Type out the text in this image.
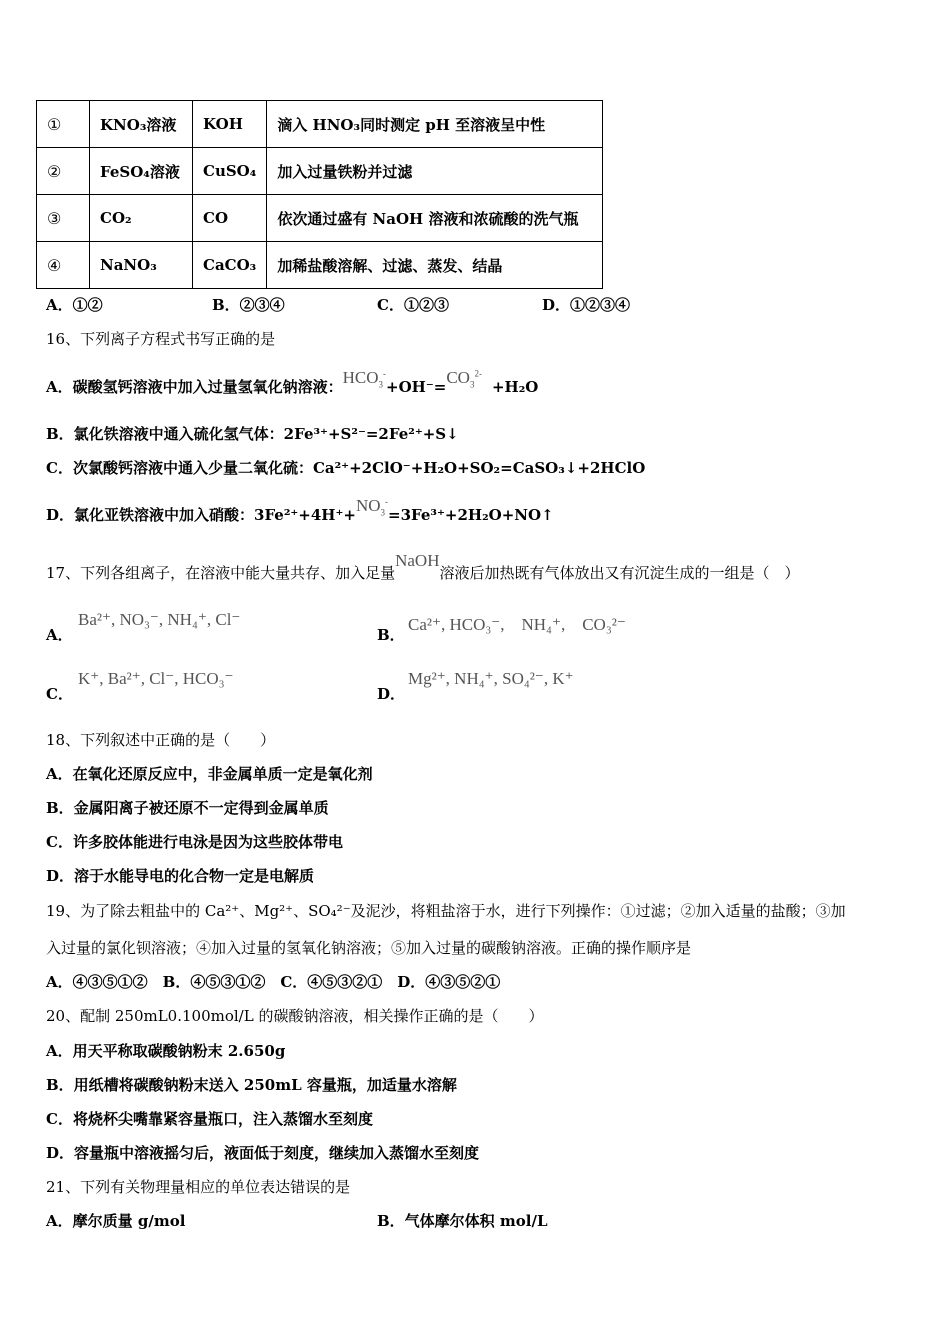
①	KNO₃溶液	KOH	滴入 HNO₃同时测定 pH 至溶液呈中性
②	FeSO₄溶液	CuSO₄	加入过量铁粉并过滤
③	CO₂	CO	依次通过盛有 NaOH 溶液和浓硫酸的洗气瓶
④	NaNO₃	CaCO₃	加稀盐酸溶解、过滤、蒸发、结晶
A．①②	B．②③④	C．①②③	D．①②③④
16、下列离子方程式书写正确的是
A．碳酸氢钙溶液中加入过量氢氧化钠溶液：$HCO_3^-+OH^-=CO_3^{2-}+H_2O$
B．氯化铁溶液中通入硫化氢气体：2Fe³⁺+S²⁻=2Fe²⁺+S↓
C．次氯酸钙溶液中通入少量二氧化硫：Ca²⁺+2ClO⁻+H₂O+SO₂=CaSO₃↓+2HClO
D．氯化亚铁溶液中加入硝酸：$3Fe^{2+}+4H^++NO_3^-=3Fe^{3+}+2H_2O+NO↑$
17、下列各组离子，在溶液中能大量共存、加入足量NaOH溶液后加热既有气体放出又有沉淀生成的一组是（　）
A．
Ba²⁺, NO₃⁻, NH₄⁺, Cl⁻
B．
Ca²⁺, HCO₃⁻,　NH₄⁺,　CO₃²⁻
C．
K⁺, Ba²⁺, Cl⁻, HCO₃⁻
D．
Mg²⁺, NH₄⁺, SO₄²⁻, K⁺
18、下列叙述中正确的是（　　）
A．在氧化还原反应中，非金属单质一定是氧化剂
B．金属阳离子被还原不一定得到金属单质
C．许多胶体能进行电泳是因为这些胶体带电
D．溶于水能导电的化合物一定是电解质
19、为了除去粗盐中的 Ca²⁺、Mg²⁺、SO₄²⁻及泥沙，将粗盐溶于水，进行下列操作：①过滤；②加入适量的盐酸；③加
入过量的氯化钡溶液；④加入过量的氢氧化钠溶液；⑤加入过量的碳酸钠溶液。正确的操作顺序是
A．④③⑤①②　B．④⑤③①②　C．④⑤③②①　D．④③⑤②①
20、配制 250mL0.100mol/L 的碳酸钠溶液，相关操作正确的是（　　）
A．用天平称取碳酸钠粉末 2.650g
B．用纸槽将碳酸钠粉末送入 250mL 容量瓶，加适量水溶解
C．将烧杯尖嘴靠紧容量瓶口，注入蒸馏水至刻度
D．容量瓶中溶液摇匀后，液面低于刻度，继续加入蒸馏水至刻度
21、下列有关物理量相应的单位表达错误的是
A．摩尔质量 g/mol	B．气体摩尔体积 mol/L
